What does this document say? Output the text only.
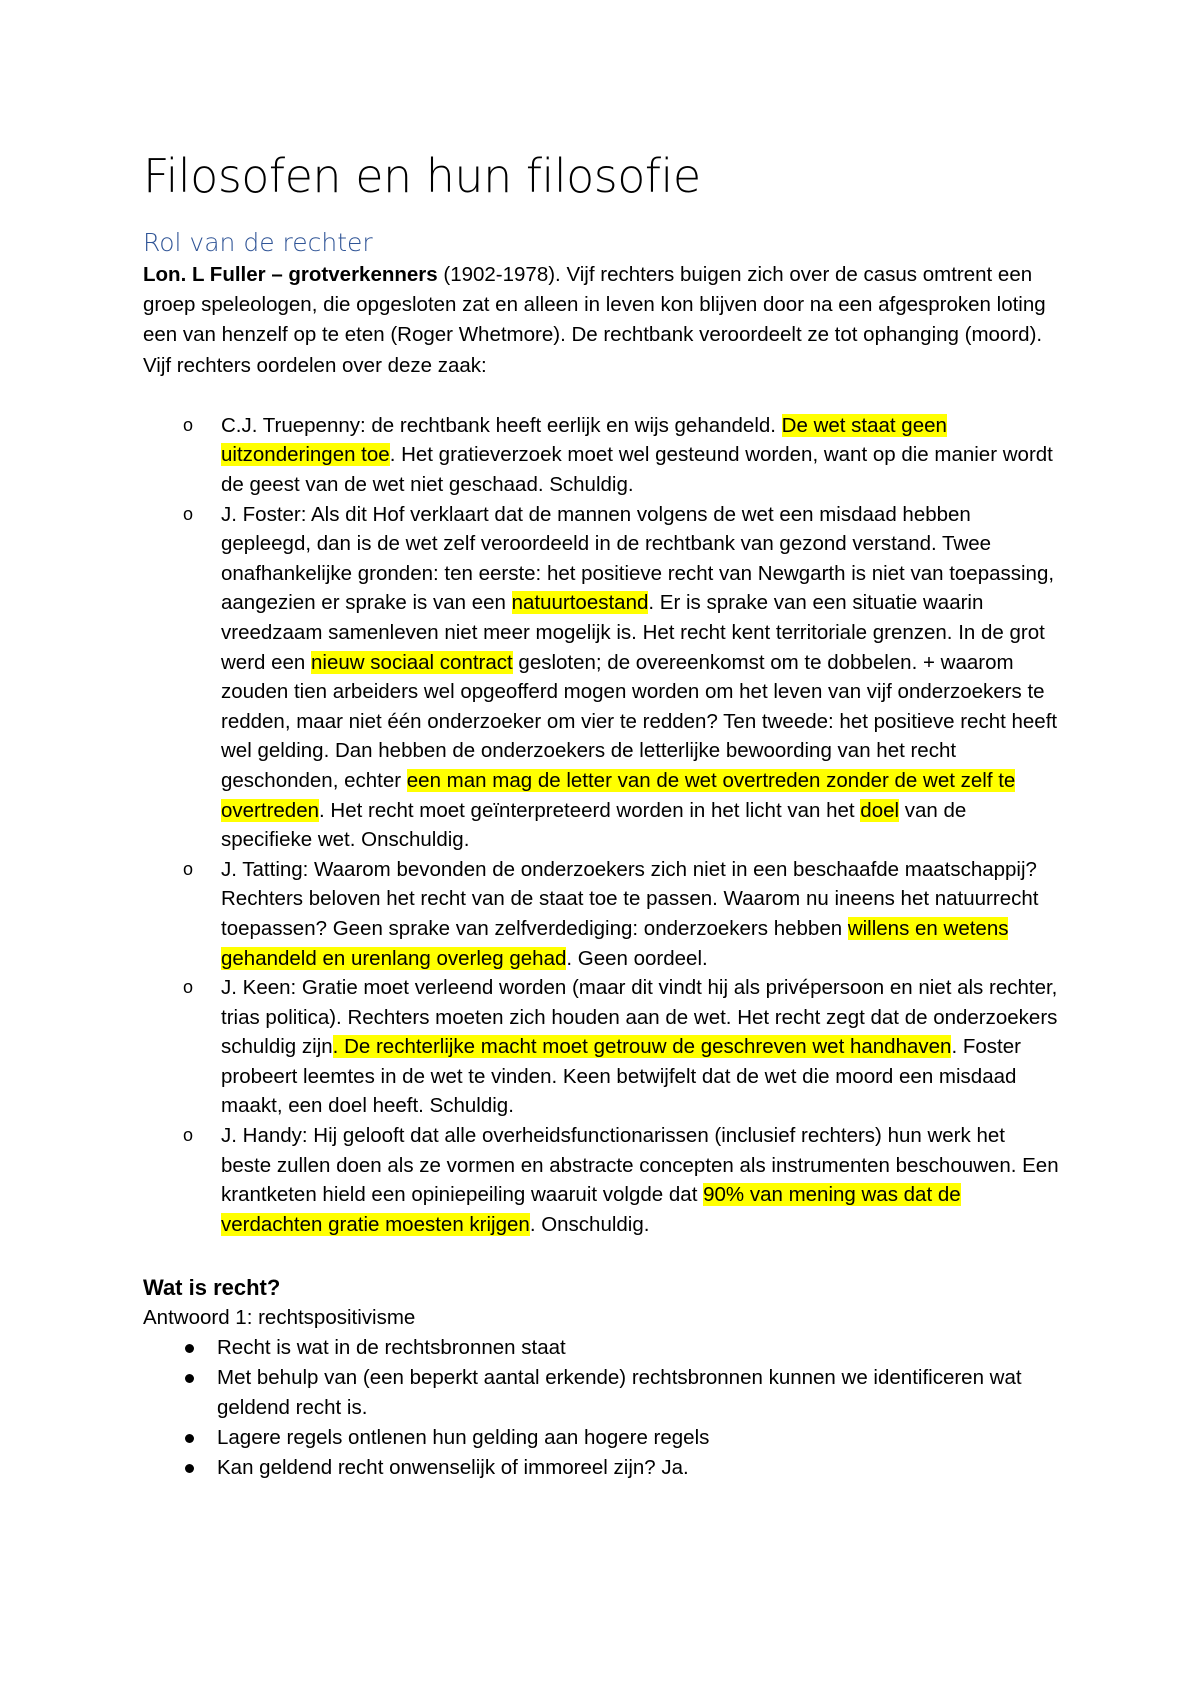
Filosofen en hun filosofie
Rol van de rechter

Lon. L Fuller – grotverkenners (1902-1978). Vijf rechters buigen zich over de casus omtrent een groep speleologen, die opgesloten zat en alleen in leven kon blijven door na een afgesproken loting een van henzelf op te eten (Roger Whetmore). De rechtbank veroordeelt ze tot ophanging (moord). Vijf rechters oordelen over deze zaak:

o C.J. Truepenny: de rechtbank heeft eerlijk en wijs gehandeld. De wet staat geen uitzonderingen toe. Het gratieverzoek moet wel gesteund worden, want op die manier wordt de geest van de wet niet geschaad. Schuldig.
o J. Foster: Als dit Hof verklaart dat de mannen volgens de wet een misdaad hebben gepleegd, dan is de wet zelf veroordeeld in de rechtbank van gezond verstand. Twee onafhankelijke gronden: ten eerste: het positieve recht van Newgarth is niet van toepassing, aangezien er sprake is van een natuurtoestand. Er is sprake van een situatie waarin vreedzaam samenleven niet meer mogelijk is. Het recht kent territoriale grenzen. In de grot werd een nieuw sociaal contract gesloten; de overeenkomst om te dobbelen. + waarom zouden tien arbeiders wel opgeofferd mogen worden om het leven van vijf onderzoekers te redden, maar niet één onderzoeker om vier te redden? Ten tweede: het positieve recht heeft wel gelding. Dan hebben de onderzoekers de letterlijke bewoording van het recht geschonden, echter een man mag de letter van de wet overtreden zonder de wet zelf te overtreden. Het recht moet geïnterpreteerd worden in het licht van het doel van de specifieke wet. Onschuldig.
o J. Tatting: Waarom bevonden de onderzoekers zich niet in een beschaafde maatschappij? Rechters beloven het recht van de staat toe te passen. Waarom nu ineens het natuurrecht toepassen? Geen sprake van zelfverdediging: onderzoekers hebben willens en wetens gehandeld en urenlang overleg gehad. Geen oordeel.
o J. Keen: Gratie moet verleend worden (maar dit vindt hij als privépersoon en niet als rechter, trias politica). Rechters moeten zich houden aan de wet. Het recht zegt dat de onderzoekers schuldig zijn. De rechterlijke macht moet getrouw de geschreven wet handhaven. Foster probeert leemtes in de wet te vinden. Keen betwijfelt dat de wet die moord een misdaad maakt, een doel heeft. Schuldig.
o J. Handy: Hij gelooft dat alle overheidsfunctionarissen (inclusief rechters) hun werk het beste zullen doen als ze vormen en abstracte concepten als instrumenten beschouwen. Een krantketen hield een opiniepeiling waaruit volgde dat 90% van mening was dat de verdachten gratie moesten krijgen. Onschuldig.
Wat is recht?

Antwoord 1: rechtspositivisme

Recht is wat in de rechtsbronnen staat
Met behulp van (een beperkt aantal erkende) rechtsbronnen kunnen we identificeren wat geldend recht is.
Lagere regels ontlenen hun gelding aan hogere regels
Kan geldend recht onwenselijk of immoreel zijn? Ja.
